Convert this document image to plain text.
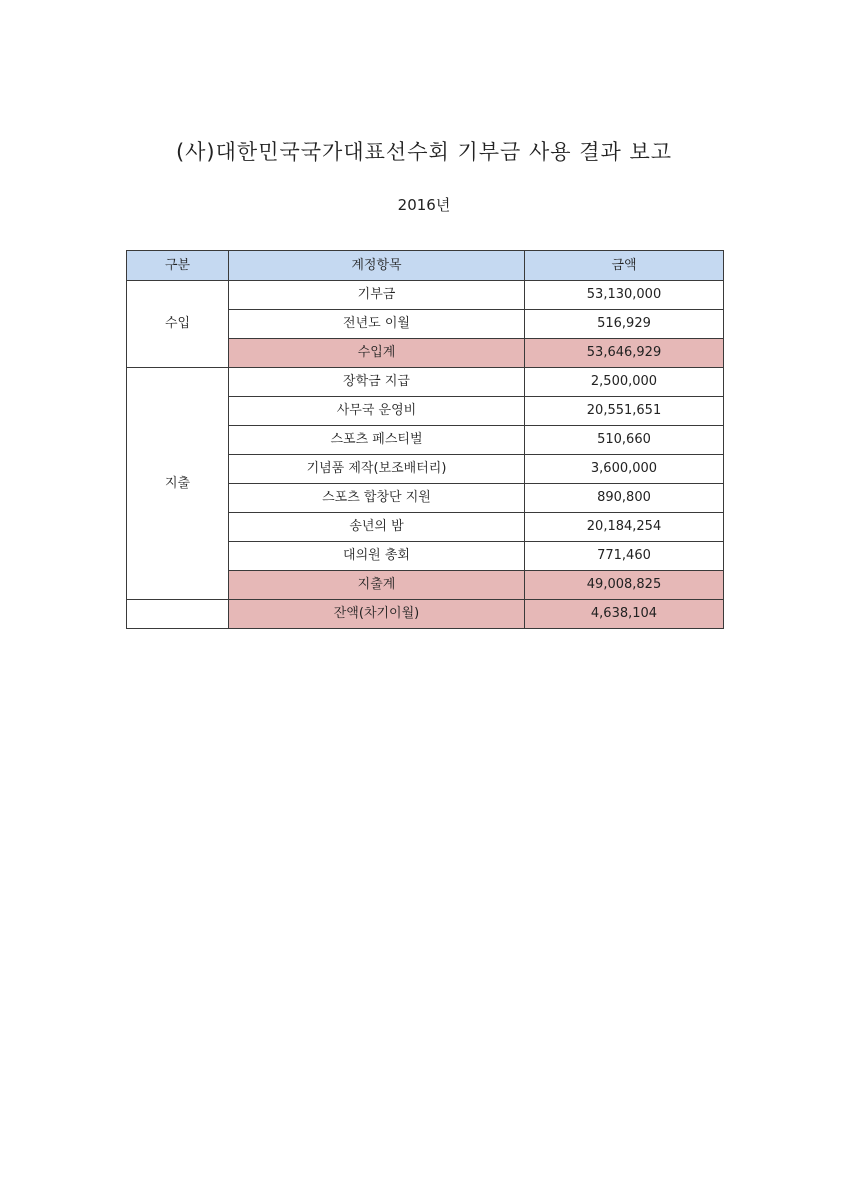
(사)대한민국국가대표선수회 기부금 사용 결과 보고
2016년
구분	계정항목	금액
수입	기부금	53,130,000
	전년도 이월	516,929
	수입계	53,646,929
지출	장학금 지급	2,500,000
	사무국 운영비	20,551,651
	스포츠 페스티벌	510,660
	기념품 제작(보조배터리)	3,600,000
	스포츠 합창단 지원	890,800
	송년의 밤	20,184,254
	대의원 총회	771,460
	지출계	49,008,825
	잔액(차기이월)	4,638,104
